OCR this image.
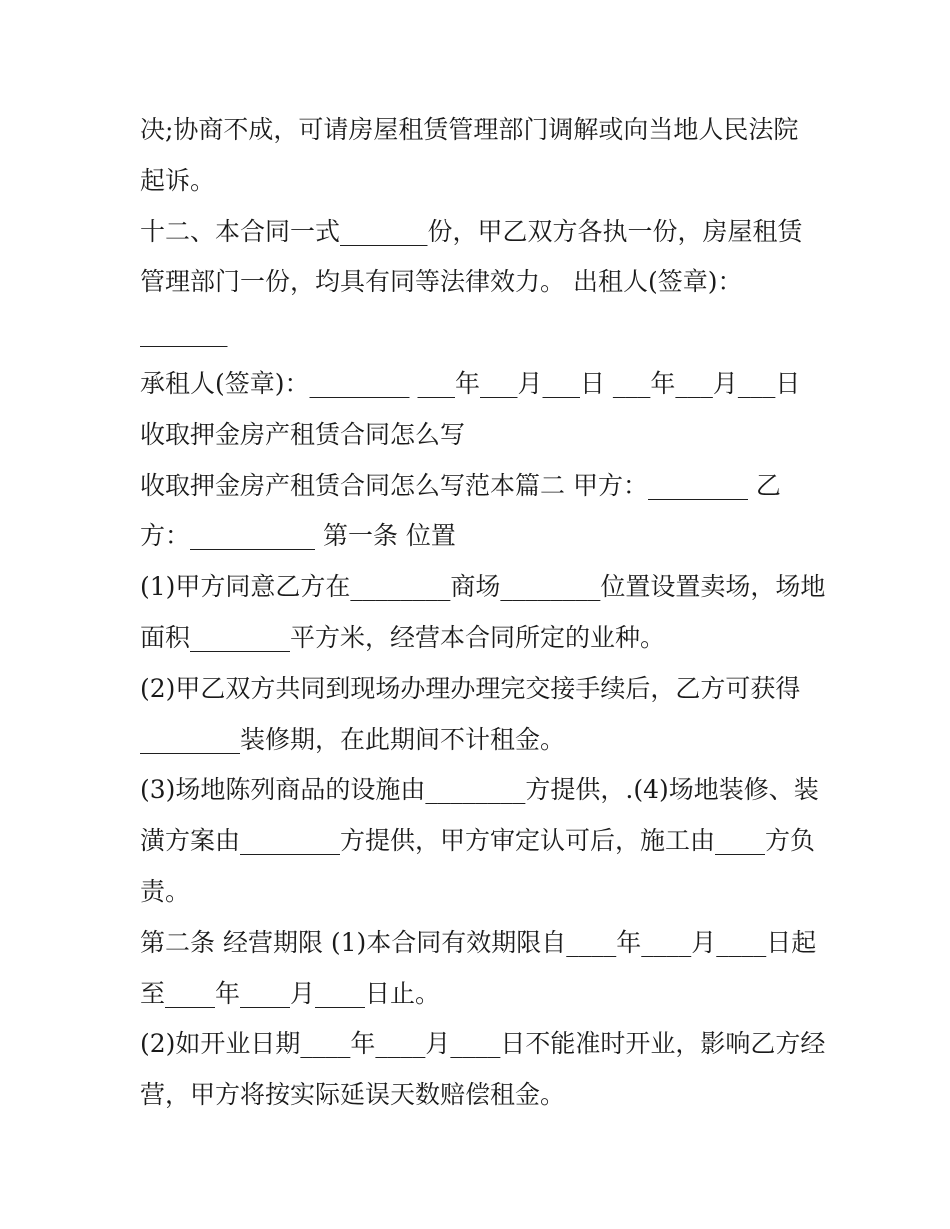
决;协商不成，可请房屋租赁管理部门调解或向当地人民法院
起诉。
十二、本合同一式_______份，甲乙双方各执一份，房屋租赁
管理部门一份，均具有同等法律效力。 出租人(签章)：
_______
承租人(签章)：________ ___年___月___日 ___年___月___日
收取押金房产租赁合同怎么写
收取押金房产租赁合同怎么写范本篇二 甲方：________ 乙
方：__________ 第一条 位置
(1)甲方同意乙方在________商场________位置设置卖场，场地
面积________平方米，经营本合同所定的业种。
(2)甲乙双方共同到现场办理办理完交接手续后，乙方可获得
________装修期，在此期间不计租金。
(3)场地陈列商品的设施由________方提供，.(4)场地装修、装
潢方案由________方提供，甲方审定认可后，施工由____方负
责。
第二条 经营期限 (1)本合同有效期限自____年____月____日起
至____年____月____日止。
(2)如开业日期____年____月____日不能准时开业，影响乙方经
营，甲方将按实际延误天数赔偿租金。
